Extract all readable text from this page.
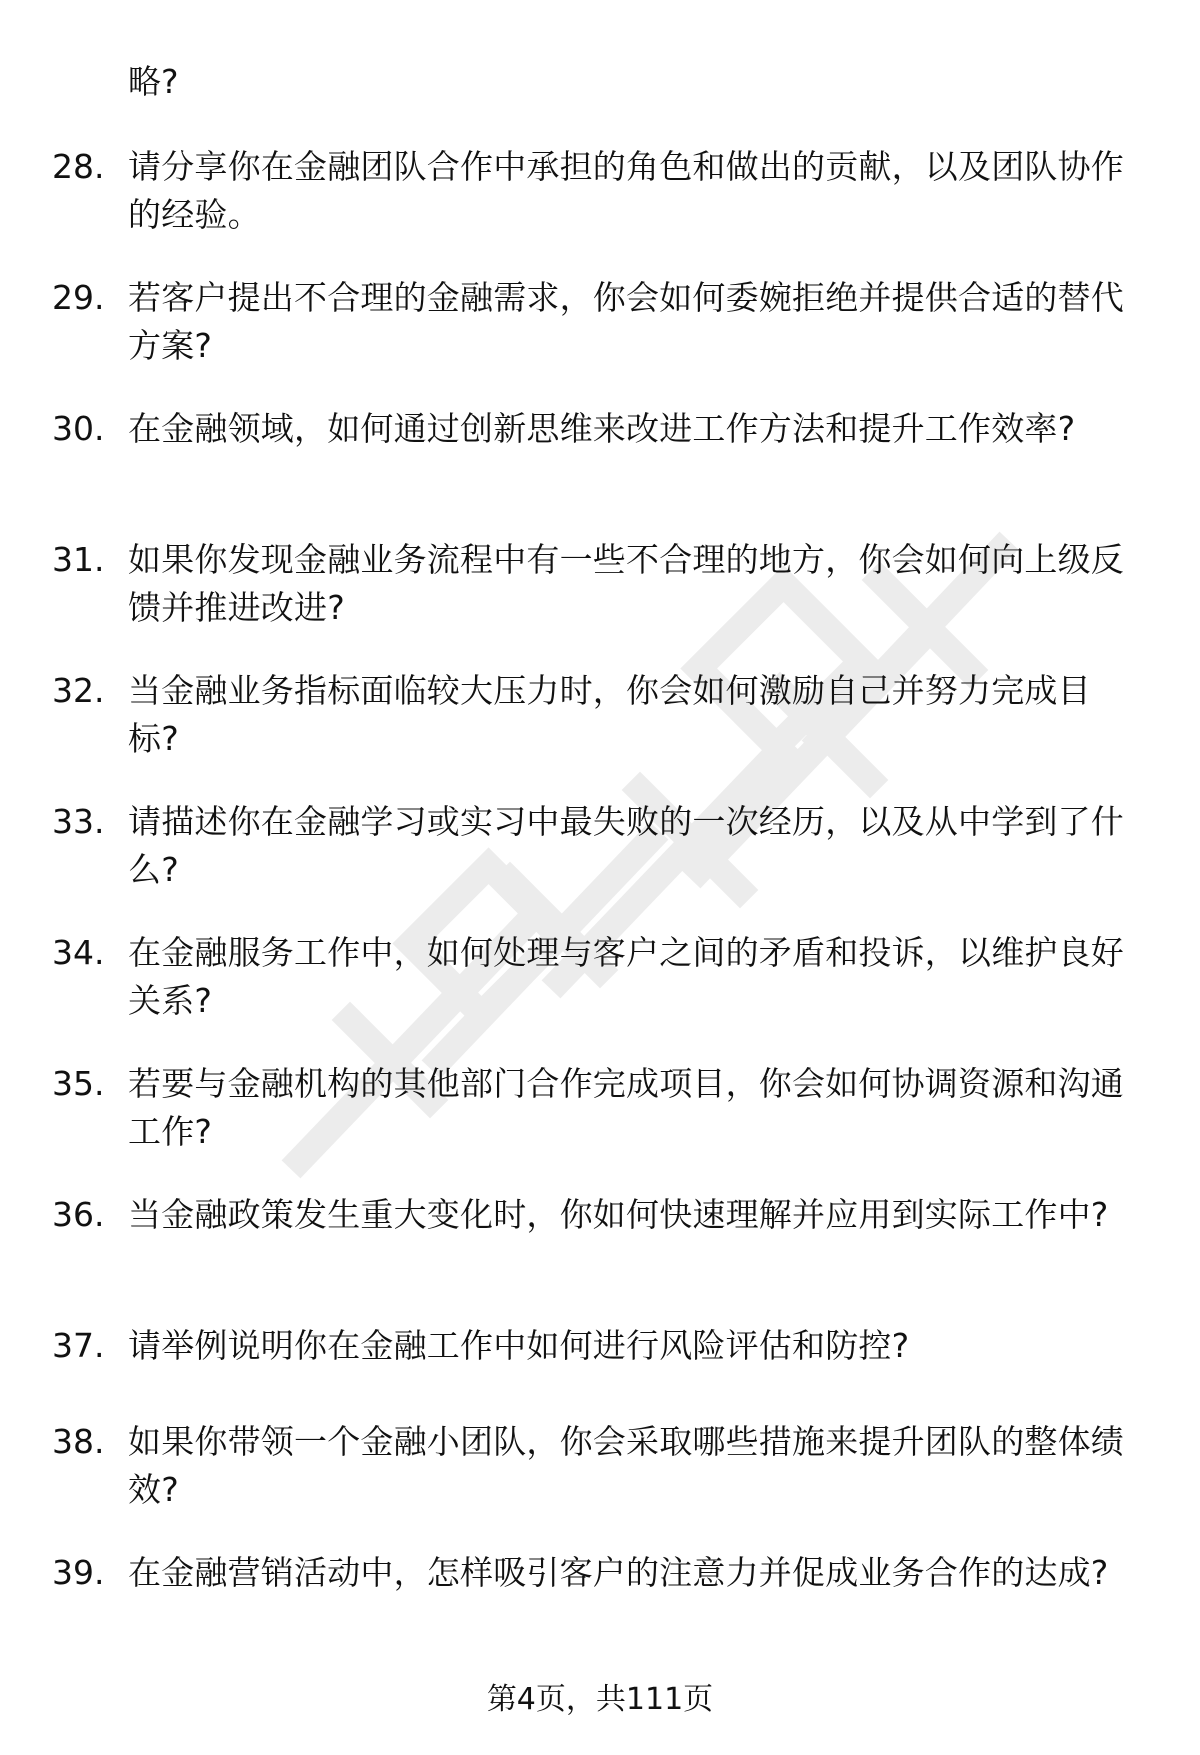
略?
28. 请分享你在金融团队合作中承担的角色和做出的贡献，以及团队协作的经验。
29. 若客户提出不合理的金融需求，你会如何委婉拒绝并提供合适的替代方案?
30. 在金融领域，如何通过创新思维来改进工作方法和提升工作效率?
31. 如果你发现金融业务流程中有一些不合理的地方，你会如何向上级反馈并推进改进?
32. 当金融业务指标面临较大压力时，你会如何激励自己并努力完成目标?
33. 请描述你在金融学习或实习中最失败的一次经历，以及从中学到了什么?
34. 在金融服务工作中，如何处理与客户之间的矛盾和投诉，以维护良好关系?
35. 若要与金融机构的其他部门合作完成项目，你会如何协调资源和沟通工作?
36. 当金融政策发生重大变化时，你如何快速理解并应用到实际工作中?
37. 请举例说明你在金融工作中如何进行风险评估和防控?
38. 如果你带领一个金融小团队，你会采取哪些措施来提升团队的整体绩效?
39. 在金融营销活动中，怎样吸引客户的注意力并促成业务合作的达成?
第4页，共111页
